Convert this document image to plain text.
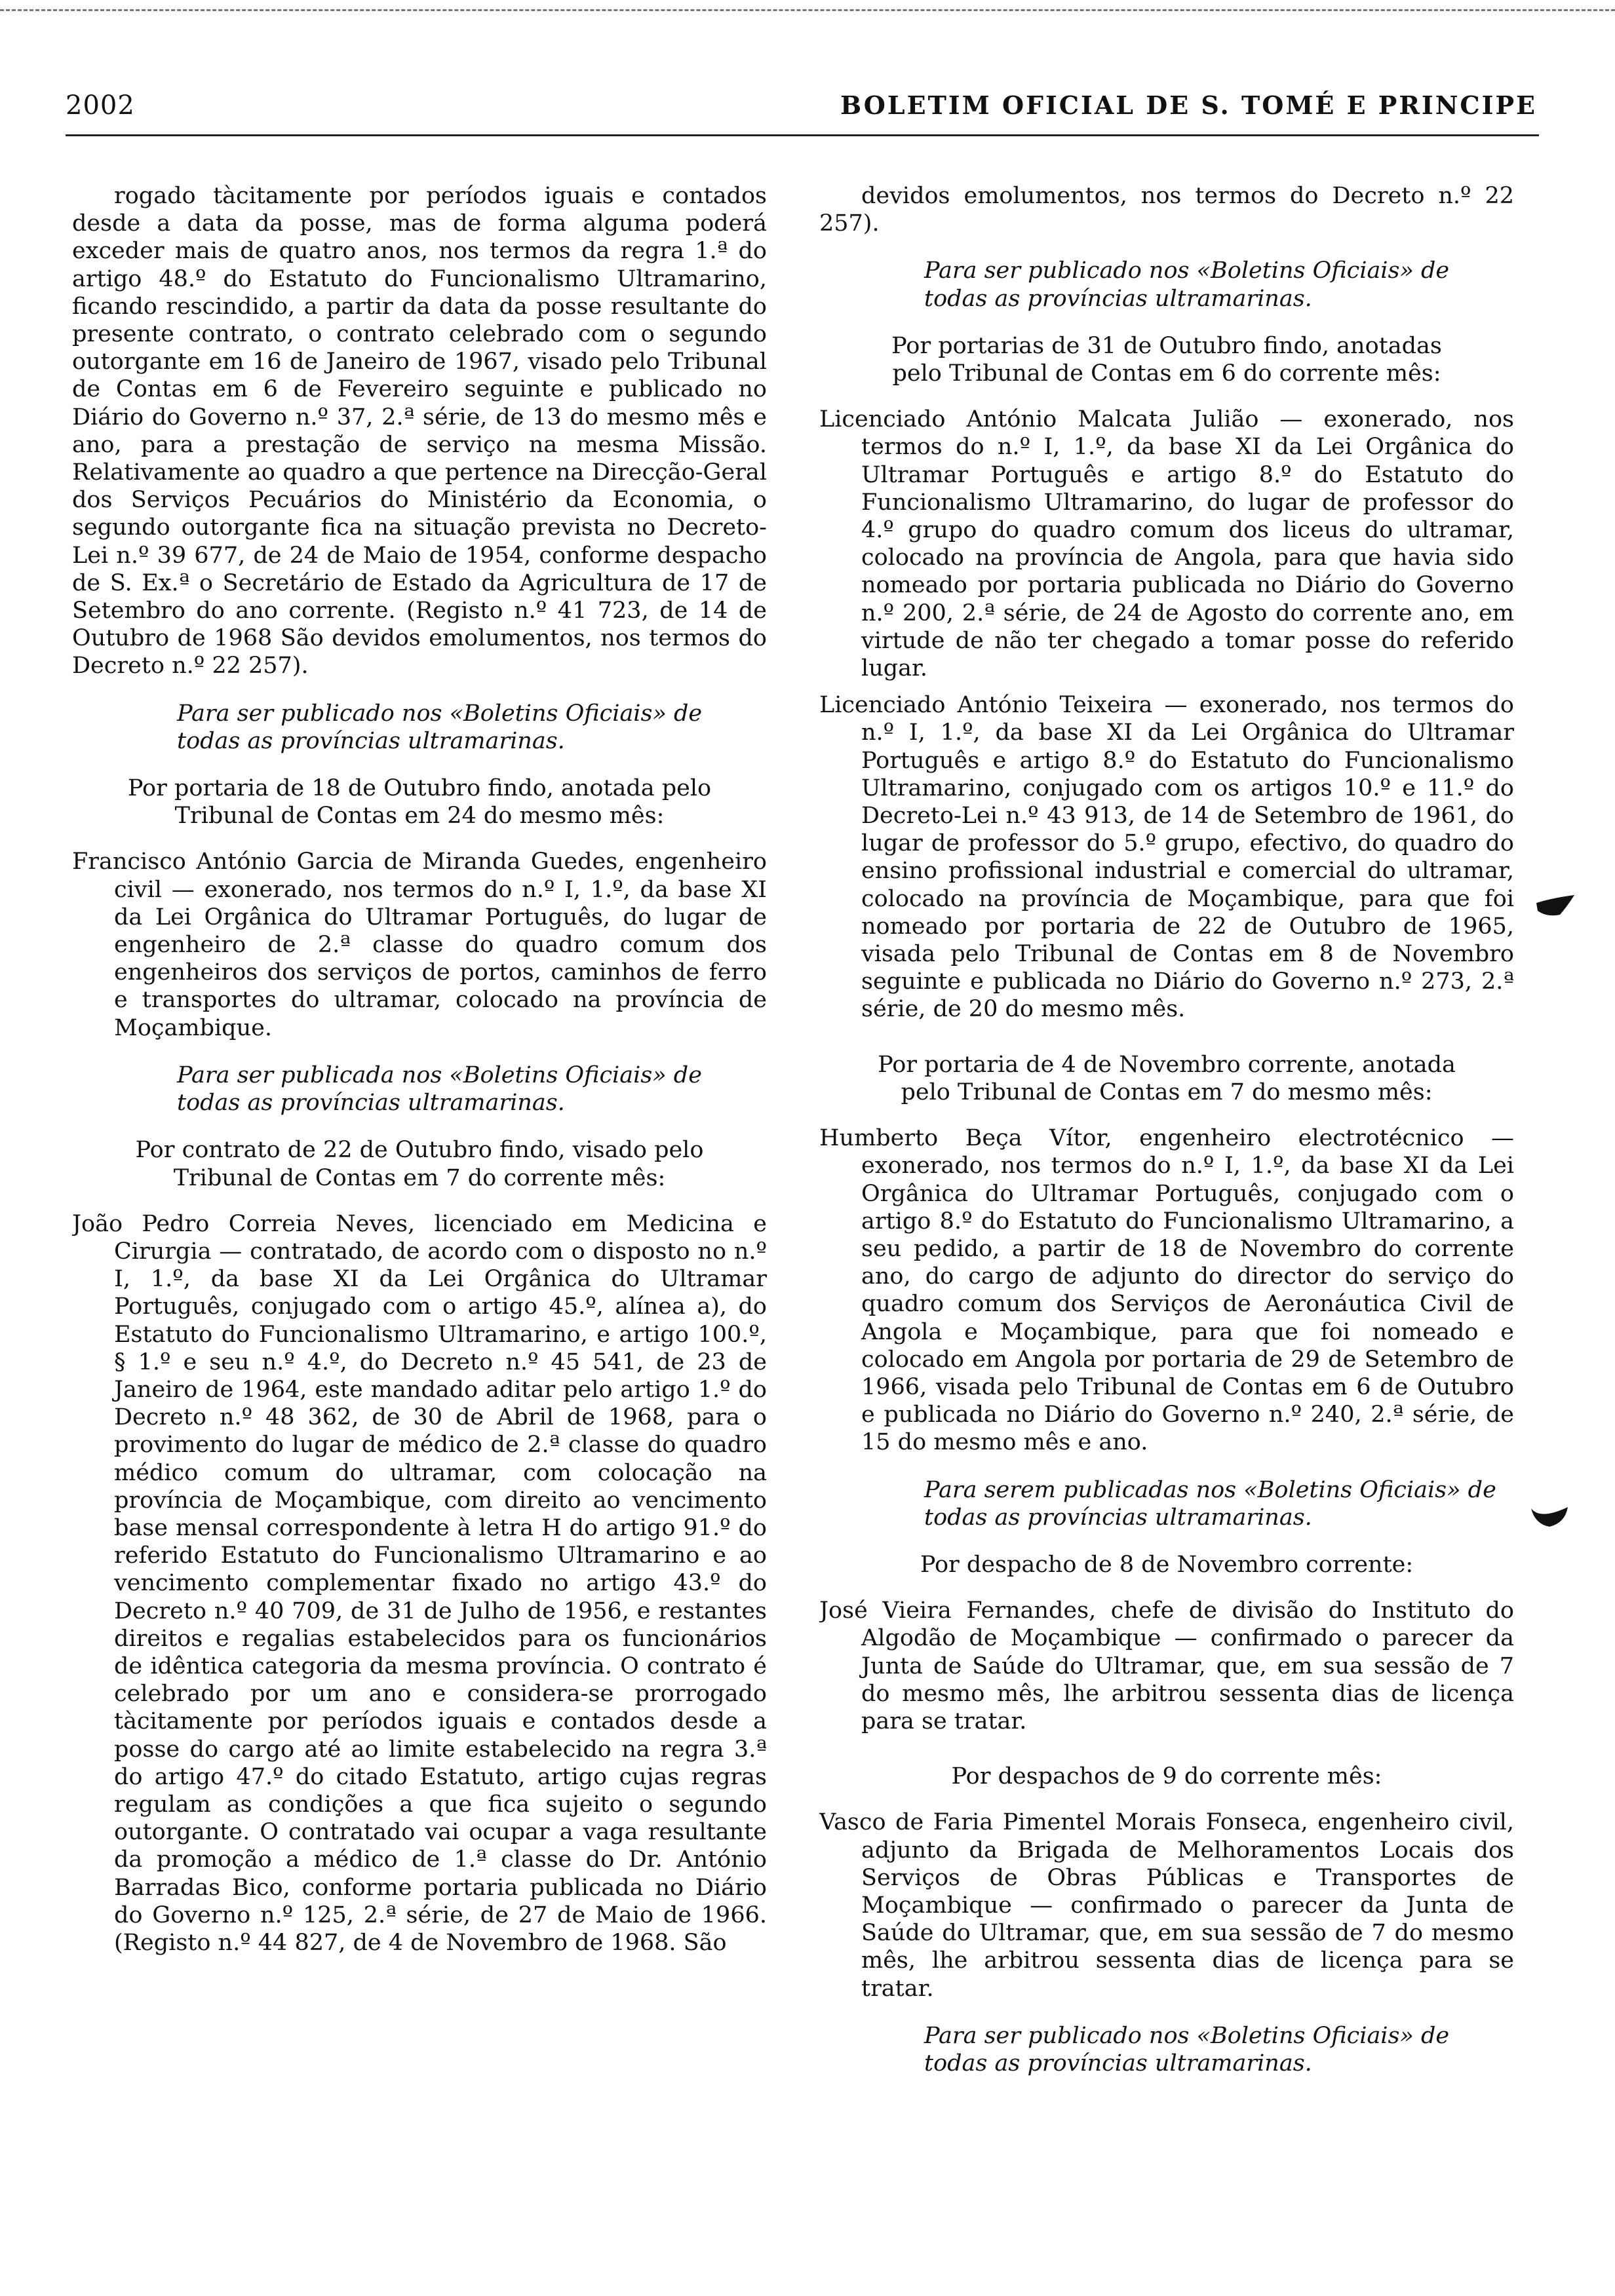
2002	BOLETIM OFICIAL DE S. TOMÉ E PRINCIPE

rogado tàcitamente por períodos iguais e contados desde a data da posse, mas de forma alguma poderá exceder mais de quatro anos, nos termos da regra 1.ª do artigo 48.º do Estatuto do Funcionalismo Ultramarino, ficando rescindido, a partir da data da posse resultante do presente contrato, o contrato celebrado com o segundo outorgante em 16 de Janeiro de 1967, visado pelo Tribunal de Contas em 6 de Fevereiro seguinte e publicado no Diário do Governo n.º 37, 2.ª série, de 13 do mesmo mês e ano, para a prestação de serviço na mesma Missão. Relativamente ao quadro a que pertence na Direcção-Geral dos Serviços Pecuários do Ministério da Economia, o segundo outorgante fica na situação prevista no Decreto-Lei n.º 39 677, de 24 de Maio de 1954, conforme despacho de S. Ex.ª o Secretário de Estado da Agricultura de 17 de Setembro do ano corrente. (Registo n.º 41 723, de 14 de Outubro de 1968 São devidos emolumentos, nos termos do Decreto n.º 22 257).

Para ser publicado nos «Boletins Oficiais» de todas as províncias ultramarinas.

Por portaria de 18 de Outubro findo, anotada pelo Tribunal de Contas em 24 do mesmo mês:

Francisco António Garcia de Miranda Guedes, engenheiro civil — exonerado, nos termos do n.º I, 1.º, da base XI da Lei Orgânica do Ultramar Português, do lugar de engenheiro de 2.ª classe do quadro comum dos engenheiros dos serviços de portos, caminhos de ferro e transportes do ultramar, colocado na província de Moçambique.

Para ser publicada nos «Boletins Oficiais» de todas as províncias ultramarinas.

Por contrato de 22 de Outubro findo, visado pelo Tribunal de Contas em 7 do corrente mês:

João Pedro Correia Neves, licenciado em Medicina e Cirurgia — contratado, de acordo com o disposto no n.º I, 1.º, da base XI da Lei Orgânica do Ultramar Português, conjugado com o artigo 45.º, alínea a), do Estatuto do Funcionalismo Ultramarino, e artigo 100.º, § 1.º e seu n.º 4.º, do Decreto n.º 45 541, de 23 de Janeiro de 1964, este mandado aditar pelo artigo 1.º do Decreto n.º 48 362, de 30 de Abril de 1968, para o provimento do lugar de médico de 2.ª classe do quadro médico comum do ultramar, com colocação na província de Moçambique, com direito ao vencimento base mensal correspondente à letra H do artigo 91.º do referido Estatuto do Funcionalismo Ultramarino e ao vencimento complementar fixado no artigo 43.º do Decreto n.º 40 709, de 31 de Julho de 1956, e restantes direitos e regalias estabelecidos para os funcionários de idêntica categoria da mesma província. O contrato é celebrado por um ano e considera-se prorrogado tàcitamente por períodos iguais e contados desde a posse do cargo até ao limite estabelecido na regra 3.ª do artigo 47.º do citado Estatuto, artigo cujas regras regulam as condições a que fica sujeito o segundo outorgante. O contratado vai ocupar a vaga resultante da promoção a médico de 1.ª classe do Dr. António Barradas Bico, conforme portaria publicada no Diário do Governo n.º 125, 2.ª série, de 27 de Maio de 1966. (Registo n.º 44 827, de 4 de Novembro de 1968. São

devidos emolumentos, nos termos do Decreto n.º 22 257).

Para ser publicado nos «Boletins Oficiais» de todas as províncias ultramarinas.

Por portarias de 31 de Outubro findo, anotadas pelo Tribunal de Contas em 6 do corrente mês:

Licenciado António Malcata Julião — exonerado, nos termos do n.º I, 1.º, da base XI da Lei Orgânica do Ultramar Português e artigo 8.º do Estatuto do Funcionalismo Ultramarino, do lugar de professor do 4.º grupo do quadro comum dos liceus do ultramar, colocado na província de Angola, para que havia sido nomeado por portaria publicada no Diário do Governo n.º 200, 2.ª série, de 24 de Agosto do corrente ano, em virtude de não ter chegado a tomar posse do referido lugar.

Licenciado António Teixeira — exonerado, nos termos do n.º I, 1.º, da base XI da Lei Orgânica do Ultramar Português e artigo 8.º do Estatuto do Funcionalismo Ultramarino, conjugado com os artigos 10.º e 11.º do Decreto-Lei n.º 43 913, de 14 de Setembro de 1961, do lugar de professor do 5.º grupo, efectivo, do quadro do ensino profissional industrial e comercial do ultramar, colocado na província de Moçambique, para que foi nomeado por portaria de 22 de Outubro de 1965, visada pelo Tribunal de Contas em 8 de Novembro seguinte e publicada no Diário do Governo n.º 273, 2.ª série, de 20 do mesmo mês.

Por portaria de 4 de Novembro corrente, anotada pelo Tribunal de Contas em 7 do mesmo mês:

Humberto Beça Vítor, engenheiro electrotécnico — exonerado, nos termos do n.º I, 1.º, da base XI da Lei Orgânica do Ultramar Português, conjugado com o artigo 8.º do Estatuto do Funcionalismo Ultramarino, a seu pedido, a partir de 18 de Novembro do corrente ano, do cargo de adjunto do director do serviço do quadro comum dos Serviços de Aeronáutica Civil de Angola e Moçambique, para que foi nomeado e colocado em Angola por portaria de 29 de Setembro de 1966, visada pelo Tribunal de Contas em 6 de Outubro e publicada no Diário do Governo n.º 240, 2.ª série, de 15 do mesmo mês e ano.

Para serem publicadas nos «Boletins Oficiais» de todas as províncias ultramarinas.

Por despacho de 8 de Novembro corrente:

José Vieira Fernandes, chefe de divisão do Instituto do Algodão de Moçambique — confirmado o parecer da Junta de Saúde do Ultramar, que, em sua sessão de 7 do mesmo mês, lhe arbitrou sessenta dias de licença para se tratar.

Por despachos de 9 do corrente mês:

Vasco de Faria Pimentel Morais Fonseca, engenheiro civil, adjunto da Brigada de Melhoramentos Locais dos Serviços de Obras Públicas e Transportes de Moçambique — confirmado o parecer da Junta de Saúde do Ultramar, que, em sua sessão de 7 do mesmo mês, lhe arbitrou sessenta dias de licença para se tratar.

Para ser publicado nos «Boletins Oficiais» de todas as províncias ultramarinas.
